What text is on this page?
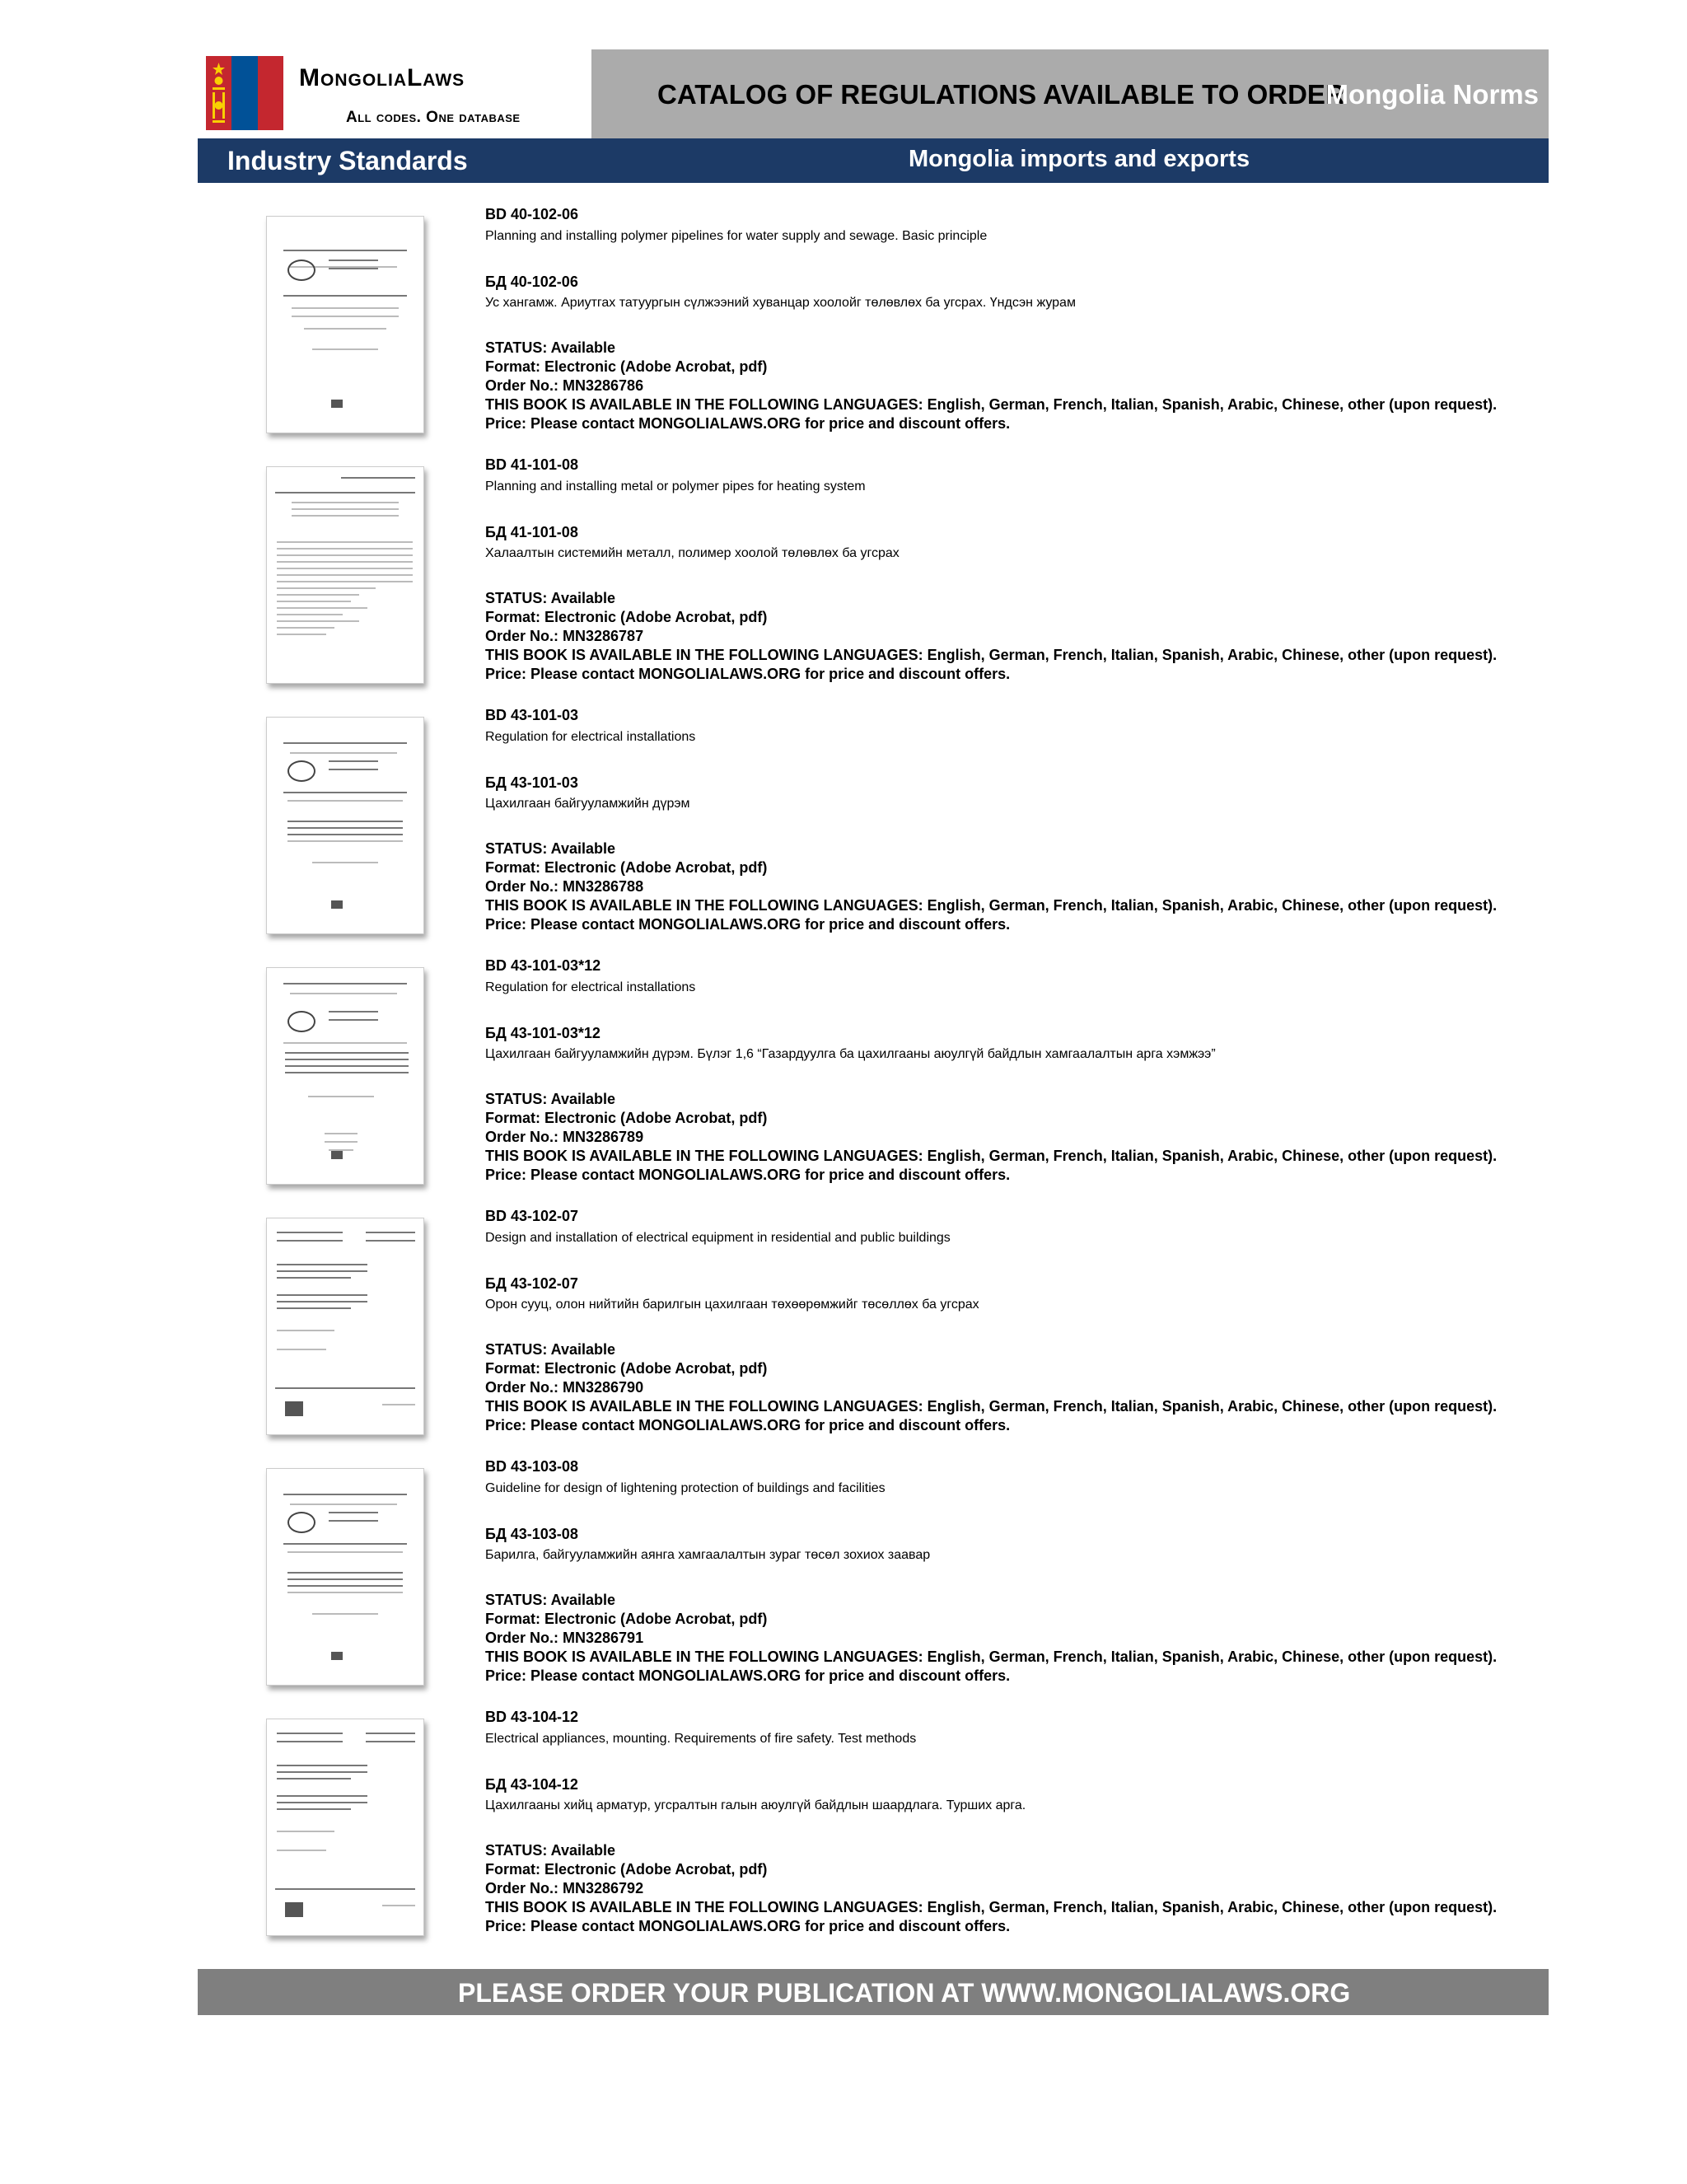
MongoliaLaws
All codes. One database
CATALOG OF REGULATIONS AVAILABLE TO ORDER
Mongolia Norms
Industry Standards	Mongolia imports and exports
BD 40-102-06
Planning and installing polymer pipelines for water supply and sewage. Basic principle
БД 40-102-06
Ус хангамж. Ариутгах татуургын сүлжээний хуванцар хоолойг төлөвлөх ба угсрах. Үндсэн журам
STATUS: Available
Format: Electronic (Adobe Acrobat, pdf)
Order No.: MN3286786
THIS BOOK IS AVAILABLE IN THE FOLLOWING LANGUAGES: English, German, French, Italian, Spanish, Arabic, Chinese, other (upon request).
Price: Please contact MONGOLIALAWS.ORG for price and discount offers.
BD 41-101-08
Planning and installing metal or polymer pipes for heating system
БД 41-101-08
Халаалтын системийн металл, полимер хоолой төлөвлөх ба угсрах
STATUS: Available
Format: Electronic (Adobe Acrobat, pdf)
Order No.: MN3286787
THIS BOOK IS AVAILABLE IN THE FOLLOWING LANGUAGES: English, German, French, Italian, Spanish, Arabic, Chinese, other (upon request).
Price: Please contact MONGOLIALAWS.ORG for price and discount offers.
BD 43-101-03
Regulation for electrical installations
БД 43-101-03
Цахилгаан байгууламжийн дүрэм
STATUS: Available
Format: Electronic (Adobe Acrobat, pdf)
Order No.: MN3286788
THIS BOOK IS AVAILABLE IN THE FOLLOWING LANGUAGES: English, German, French, Italian, Spanish, Arabic, Chinese, other (upon request).
Price: Please contact MONGOLIALAWS.ORG for price and discount offers.
BD 43-101-03*12
Regulation for electrical installations
БД 43-101-03*12
Цахилгаан байгууламжийн дүрэм. Бүлэг 1,6 “Газардуулга ба цахилгааны аюулгүй байдлын хамгаалалтын арга хэмжээ”
STATUS: Available
Format: Electronic (Adobe Acrobat, pdf)
Order No.: MN3286789
THIS BOOK IS AVAILABLE IN THE FOLLOWING LANGUAGES: English, German, French, Italian, Spanish, Arabic, Chinese, other (upon request).
Price: Please contact MONGOLIALAWS.ORG for price and discount offers.
BD 43-102-07
Design and installation of electrical equipment in residential and public buildings
БД 43-102-07
Орон сууц, олон нийтийн барилгын цахилгаан төхөөрөмжийг төсөллөх ба угсрах
STATUS: Available
Format: Electronic (Adobe Acrobat, pdf)
Order No.: MN3286790
THIS BOOK IS AVAILABLE IN THE FOLLOWING LANGUAGES: English, German, French, Italian, Spanish, Arabic, Chinese, other (upon request).
Price: Please contact MONGOLIALAWS.ORG for price and discount offers.
BD 43-103-08
Guideline for design of lightening protection of buildings and facilities
БД 43-103-08
Барилга, байгууламжийн аянга хамгаалалтын зураг төсөл зохиох заавар
STATUS: Available
Format: Electronic (Adobe Acrobat, pdf)
Order No.: MN3286791
THIS BOOK IS AVAILABLE IN THE FOLLOWING LANGUAGES: English, German, French, Italian, Spanish, Arabic, Chinese, other (upon request).
Price: Please contact MONGOLIALAWS.ORG for price and discount offers.
BD 43-104-12
Electrical appliances, mounting. Requirements of fire safety. Test methods
БД 43-104-12
Цахилгааны хийц арматур, угсралтын галын аюулгүй байдлын шаардлага. Турших арга.
STATUS: Available
Format: Electronic (Adobe Acrobat, pdf)
Order No.: MN3286792
THIS BOOK IS AVAILABLE IN THE FOLLOWING LANGUAGES: English, German, French, Italian, Spanish, Arabic, Chinese, other (upon request).
Price: Please contact MONGOLIALAWS.ORG for price and discount offers.
PLEASE ORDER YOUR PUBLICATION AT WWW.MONGOLIALAWS.ORG
